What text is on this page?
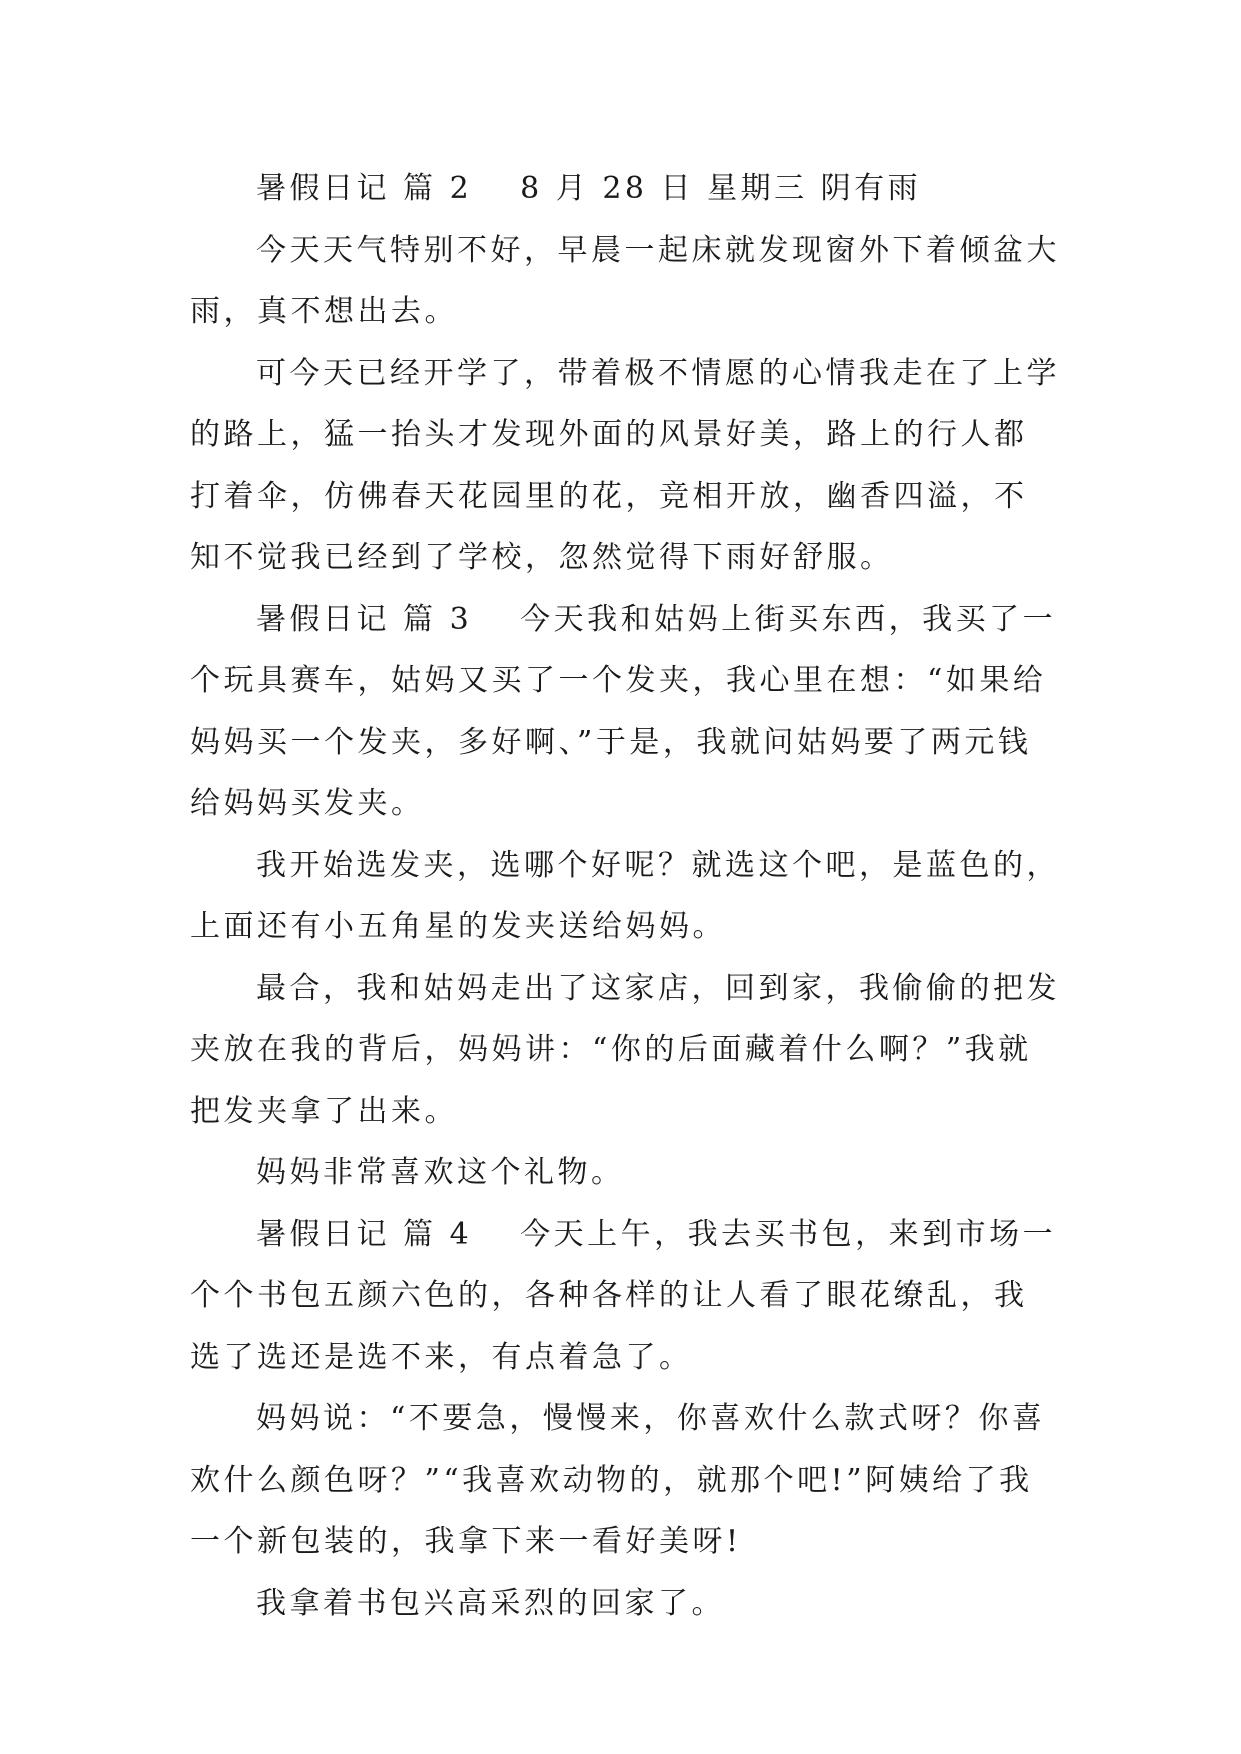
暑假日记 篇 2 8 月 28 日 星期三 阴有雨

今天天气特别不好，早晨一起床就发现窗外下着倾盆大雨，真不想出去。

可今天已经开学了，带着极不情愿的心情我走在了上学的路上，猛一抬头才发现外面的风景好美，路上的行人都打着伞，仿佛春天花园里的花，竞相开放，幽香四溢，不知不觉我已经到了学校，忽然觉得下雨好舒服。

暑假日记 篇 3 今天我和姑妈上街买东西，我买了一个玩具赛车，姑妈又买了一个发夹，我心里在想：“如果给妈妈买一个发夹，多好啊、”于是，我就问姑妈要了两元钱给妈妈买发夹。

我开始选发夹，选哪个好呢？就选这个吧，是蓝色的，上面还有小五角星的发夹送给妈妈。

最合，我和姑妈走出了这家店，回到家，我偷偷的把发夹放在我的背后，妈妈讲：“你的后面藏着什么啊？”我就把发夹拿了出来。

妈妈非常喜欢这个礼物。

暑假日记 篇 4 今天上午，我去买书包，来到市场一个个书包五颜六色的，各种各样的让人看了眼花缭乱，我选了选还是选不来，有点着急了。

妈妈说：“不要急，慢慢来，你喜欢什么款式呀？你喜欢什么颜色呀？”“我喜欢动物的，就那个吧!”阿姨给了我一个新包装的，我拿下来一看好美呀!

我拿着书包兴高采烈的回家了。
